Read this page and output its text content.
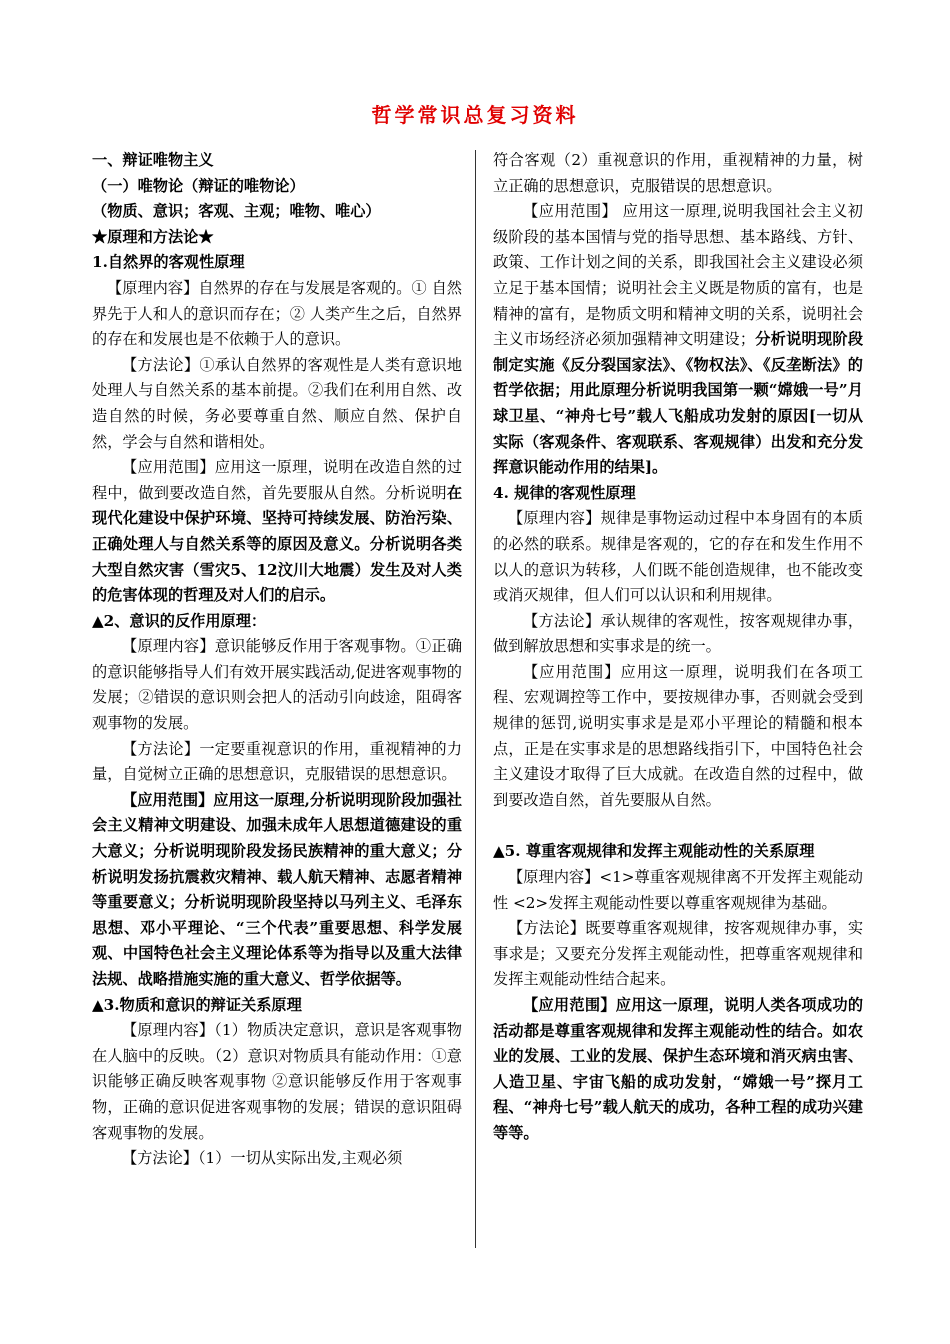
哲学常识总复习资料

一、辩证唯物主义

（一）唯物论（辩证的唯物论）

（物质、意识；客观、主观；唯物、唯心）

★原理和方法论★

1.自然界的客观性原理

【原理内容】自然界的存在与发展是客观的。① 自然界先于人和人的意识而存在；② 人类产生之后，自然界的存在和发展也是不依赖于人的意识。

【方法论】①承认自然界的客观性是人类有意识地处理人与自然关系的基本前提。②我们在利用自然、改造自然的时候，务必要尊重自然、顺应自然、保护自然，学会与自然和谐相处。

【应用范围】应用这一原理，说明在改造自然的过程中，做到要改造自然，首先要服从自然。分析说明在现代化建设中保护环境、坚持可持续发展、防治污染、正确处理人与自然关系等的原因及意义。分析说明各类大型自然灾害（雪灾5、12汶川大地震）发生及对人类的危害体现的哲理及对人们的启示。

▲2、意识的反作用原理：

【原理内容】意识能够反作用于客观事物。①正确的意识能够指导人们有效开展实践活动,促进客观事物的发展；②错误的意识则会把人的活动引向歧途，阻碍客观事物的发展。

【方法论】一定要重视意识的作用，重视精神的力量，自觉树立正确的思想意识，克服错误的思想意识。

【应用范围】应用这一原理,分析说明现阶段加强社会主义精神文明建设、加强未成年人思想道德建设的重大意义；分析说明现阶段发扬民族精神的重大意义；分析说明发扬抗震救灾精神、载人航天精神、志愿者精神等重要意义；分析说明现阶段坚持以马列主义、毛泽东思想、邓小平理论、“三个代表”重要思想、科学发展观、中国特色社会主义理论体系等为指导以及重大法律法规、战略措施实施的重大意义、哲学依据等。

▲3.物质和意识的辩证关系原理

【原理内容】（1）物质决定意识，意识是客观事物在人脑中的反映。（2）意识对物质具有能动作用：①意识能够正确反映客观事物 ②意识能够反作用于客观事物，正确的意识促进客观事物的发展；错误的意识阻碍客观事物的发展。

【方法论】（1）一切从实际出发,主观必须

符合客观（2）重视意识的作用，重视精神的力量，树立正确的思想意识，克服错误的思想意识。

【应用范围】 应用这一原理,说明我国社会主义初级阶段的基本国情与党的指导思想、基本路线、方针、政策、工作计划之间的关系，即我国社会主义建设必须立足于基本国情；说明社会主义既是物质的富有，也是精神的富有，是物质文明和精神文明的关系，说明社会主义市场经济必须加强精神文明建设；分析说明现阶段制定实施《反分裂国家法》、《物权法》、《反垄断法》的哲学依据；用此原理分析说明我国第一颗“嫦娥一号”月球卫星、“神舟七号”载人飞船成功发射的原因[一切从实际（客观条件、客观联系、客观规律）出发和充分发挥意识能动作用的结果]。

4. 规律的客观性原理

【原理内容】规律是事物运动过程中本身固有的本质的必然的联系。规律是客观的，它的存在和发生作用不以人的意识为转移，人们既不能创造规律，也不能改变或消灭规律，但人们可以认识和利用规律。

【方法论】承认规律的客观性，按客观规律办事，做到解放思想和实事求是的统一。

【应用范围】应用这一原理，说明我们在各项工程、宏观调控等工作中，要按规律办事，否则就会受到规律的惩罚,说明实事求是是邓小平理论的精髓和根本点，正是在实事求是的思想路线指引下，中国特色社会主义建设才取得了巨大成就。在改造自然的过程中，做到要改造自然，首先要服从自然。

▲5. 尊重客观规律和发挥主观能动性的关系原理

【原理内容】<1>尊重客观规律离不开发挥主观能动性 <2>发挥主观能动性要以尊重客观规律为基础。

【方法论】既要尊重客观规律，按客观规律办事，实事求是；又要充分发挥主观能动性，把尊重客观规律和发挥主观能动性结合起来。

【应用范围】应用这一原理，说明人类各项成功的活动都是尊重客观规律和发挥主观能动性的结合。如农业的发展、工业的发展、保护生态环境和消灭病虫害、人造卫星、宇宙飞船的成功发射，“嫦娥一号”探月工程、“神舟七号”载人航天的成功，各种工程的成功兴建等等。
